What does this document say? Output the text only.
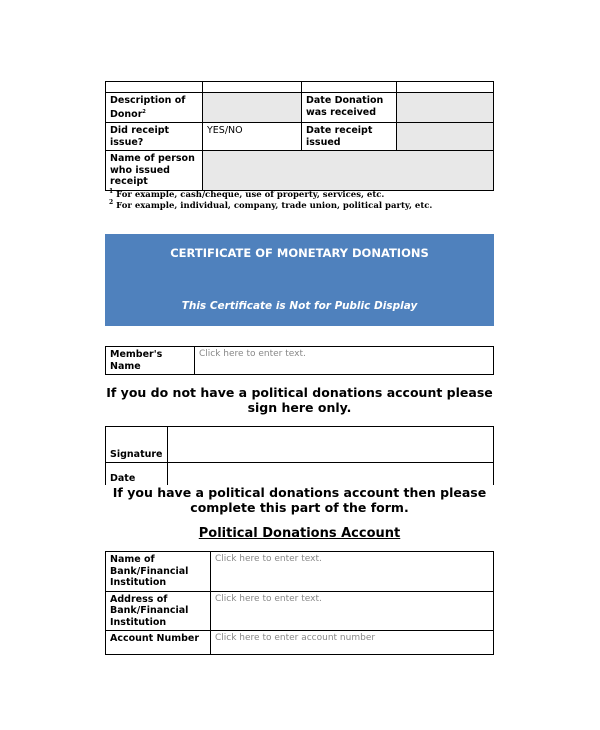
Description of Donor$^2$		Date Donation was received	
Did receipt issue?	YES/NO	Date receipt issued	
Name of person who issued receipt			
$^1$ For example, cash/cheque, use of property, services, etc.
$^2$ For example, individual, company, trade union, political party, etc.
CERTIFICATE OF MONETARY DONATIONS
This Certificate is Not for Public Display
Member's Name	Click here to enter text.
If you do not have a political donations account please sign here only.
Signature	
Date	
If you have a political donations account then please complete this part of the form.
Political Donations Account
Name of Bank/Financial Institution	Click here to enter text.
Address of Bank/Financial Institution	Click here to enter text.
Account Number	Click here to enter account number
